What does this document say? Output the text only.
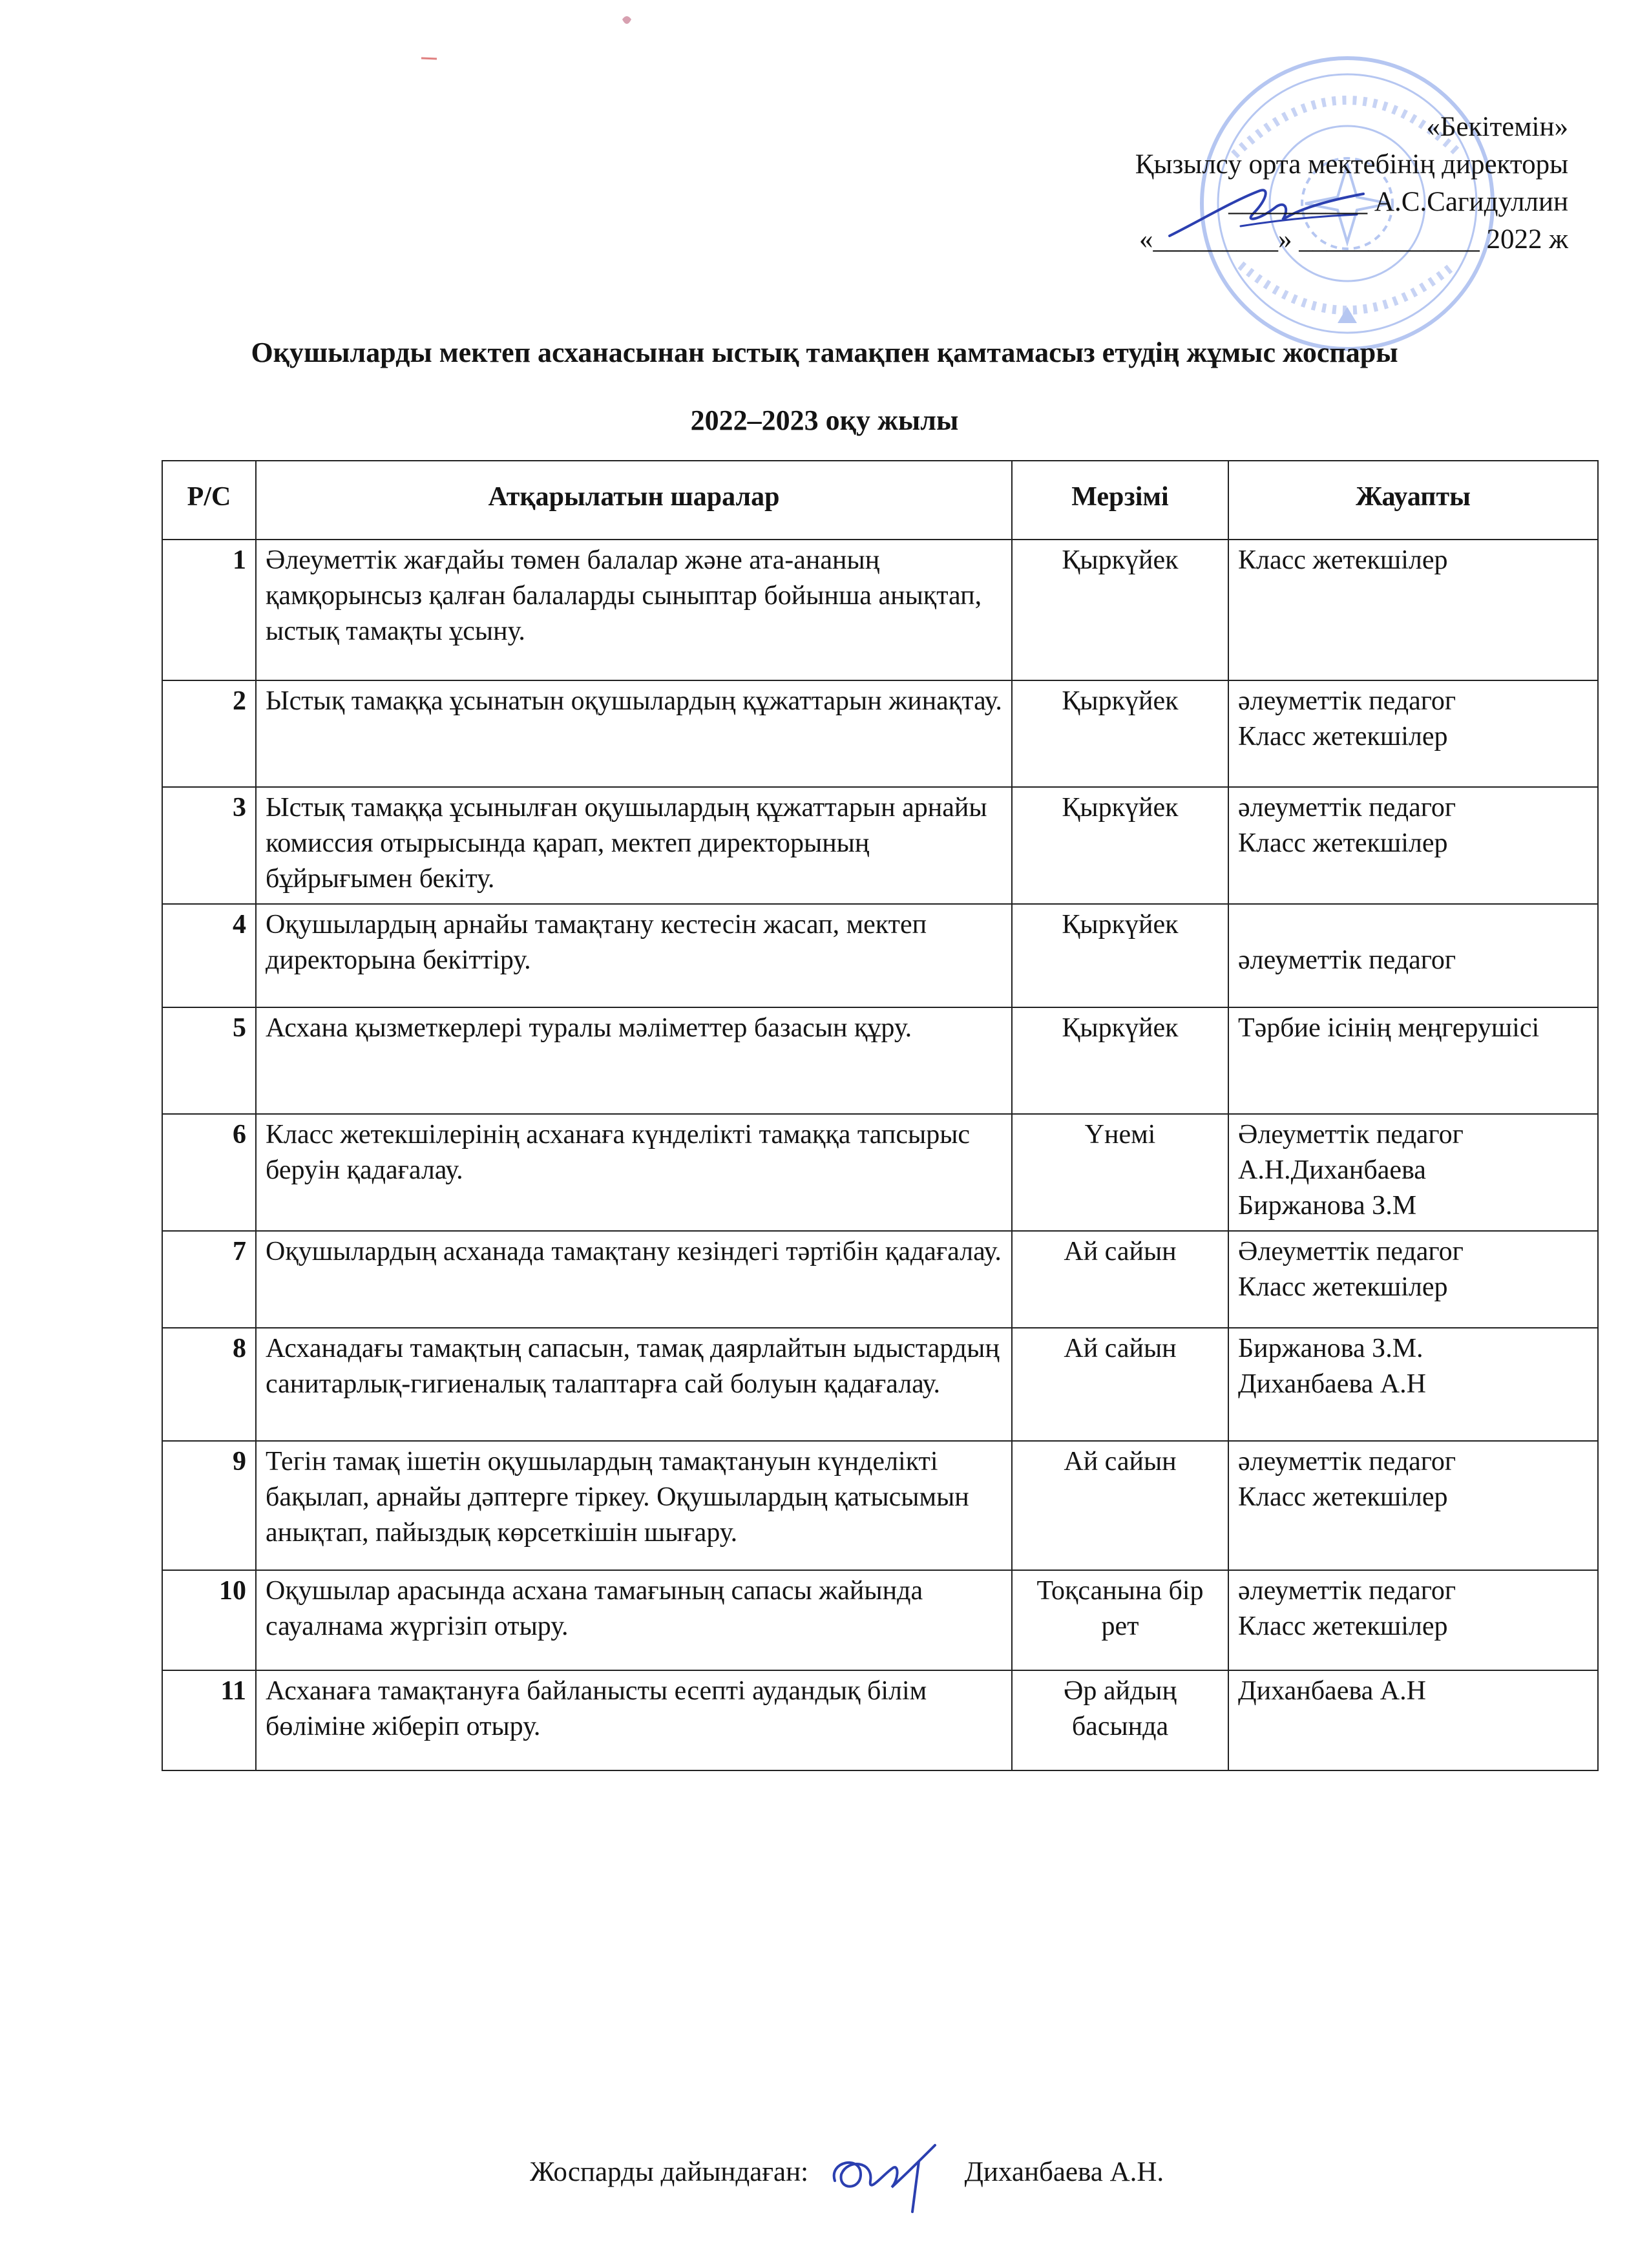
«Бекітемін»
Қызылсу орта мектебінің директоры
__________ А.С.Сагидуллин
«_________» _____________ 2022 ж
Оқушыларды мектеп асханасынан ыстық тамақпен қамтамасыз етудің жұмыс жоспары
2022–2023 оқу жылы
Р/С	Атқарылатын шаралар	Мерзімі	Жауапты
1	Әлеуметтік жағдайы төмен балалар және ата-ананың қамқорынсыз қалған балаларды сыныптар бойынша анықтап, ыстық тамақты ұсыну.	Қыркүйек	Класс жетекшілер
2	Ыстық тамаққа ұсынатын оқушылардың құжаттарын жинақтау.	Қыркүйек	әлеуметтік педагог
Класс жетекшілер
3	Ыстық тамаққа ұсынылған оқушылардың құжаттарын арнайы комиссия отырысында қарап, мектеп директорының бұйрығымен бекіту.	Қыркүйек	әлеуметтік педагог
Класс жетекшілер
4	Оқушылардың арнайы тамақтану кестесін жасап, мектеп директорына бекіттіру.	Қыркүйек	
әлеуметтік педагог
5	Асхана қызметкерлері туралы мәліметтер базасын құру.	Қыркүйек	Тәрбие ісінің меңгерушісі
6	Класс жетекшілерінің асханаға күнделікті тамаққа тапсырыс беруін қадағалау.	Үнемі	Әлеуметтік педагог
А.Н.Диханбаева
Биржанова З.М
7	Оқушылардың асханада тамақтану кезіндегі тәртібін қадағалау.	Ай сайын	Әлеуметтік педагог
Класс жетекшілер
8	Асханадағы тамақтың сапасын, тамақ даярлайтын ыдыстардың санитарлық-гигиеналық талаптарға сай болуын қадағалау.	Ай сайын	Биржанова З.М.
Диханбаева А.Н
9	Тегін тамақ ішетін оқушылардың тамақтануын күнделікті бақылап, арнайы дәптерге тіркеу. Оқушылардың қатысымын анықтап, пайыздық көрсеткішін шығару.	Ай сайын	әлеуметтік педагог
Класс жетекшілер
10	Оқушылар арасында асхана тамағының сапасы жайында сауалнама жүргізіп отыру.	Тоқсанына бір рет	әлеуметтік педагог
Класс жетекшілер
11	Асханаға тамақтануға байланысты есепті аудандық білім бөліміне жіберіп отыру.	Әр айдың басында	Диханбаева А.Н
Жоспарды дайындаған:	Диханбаева А.Н.
